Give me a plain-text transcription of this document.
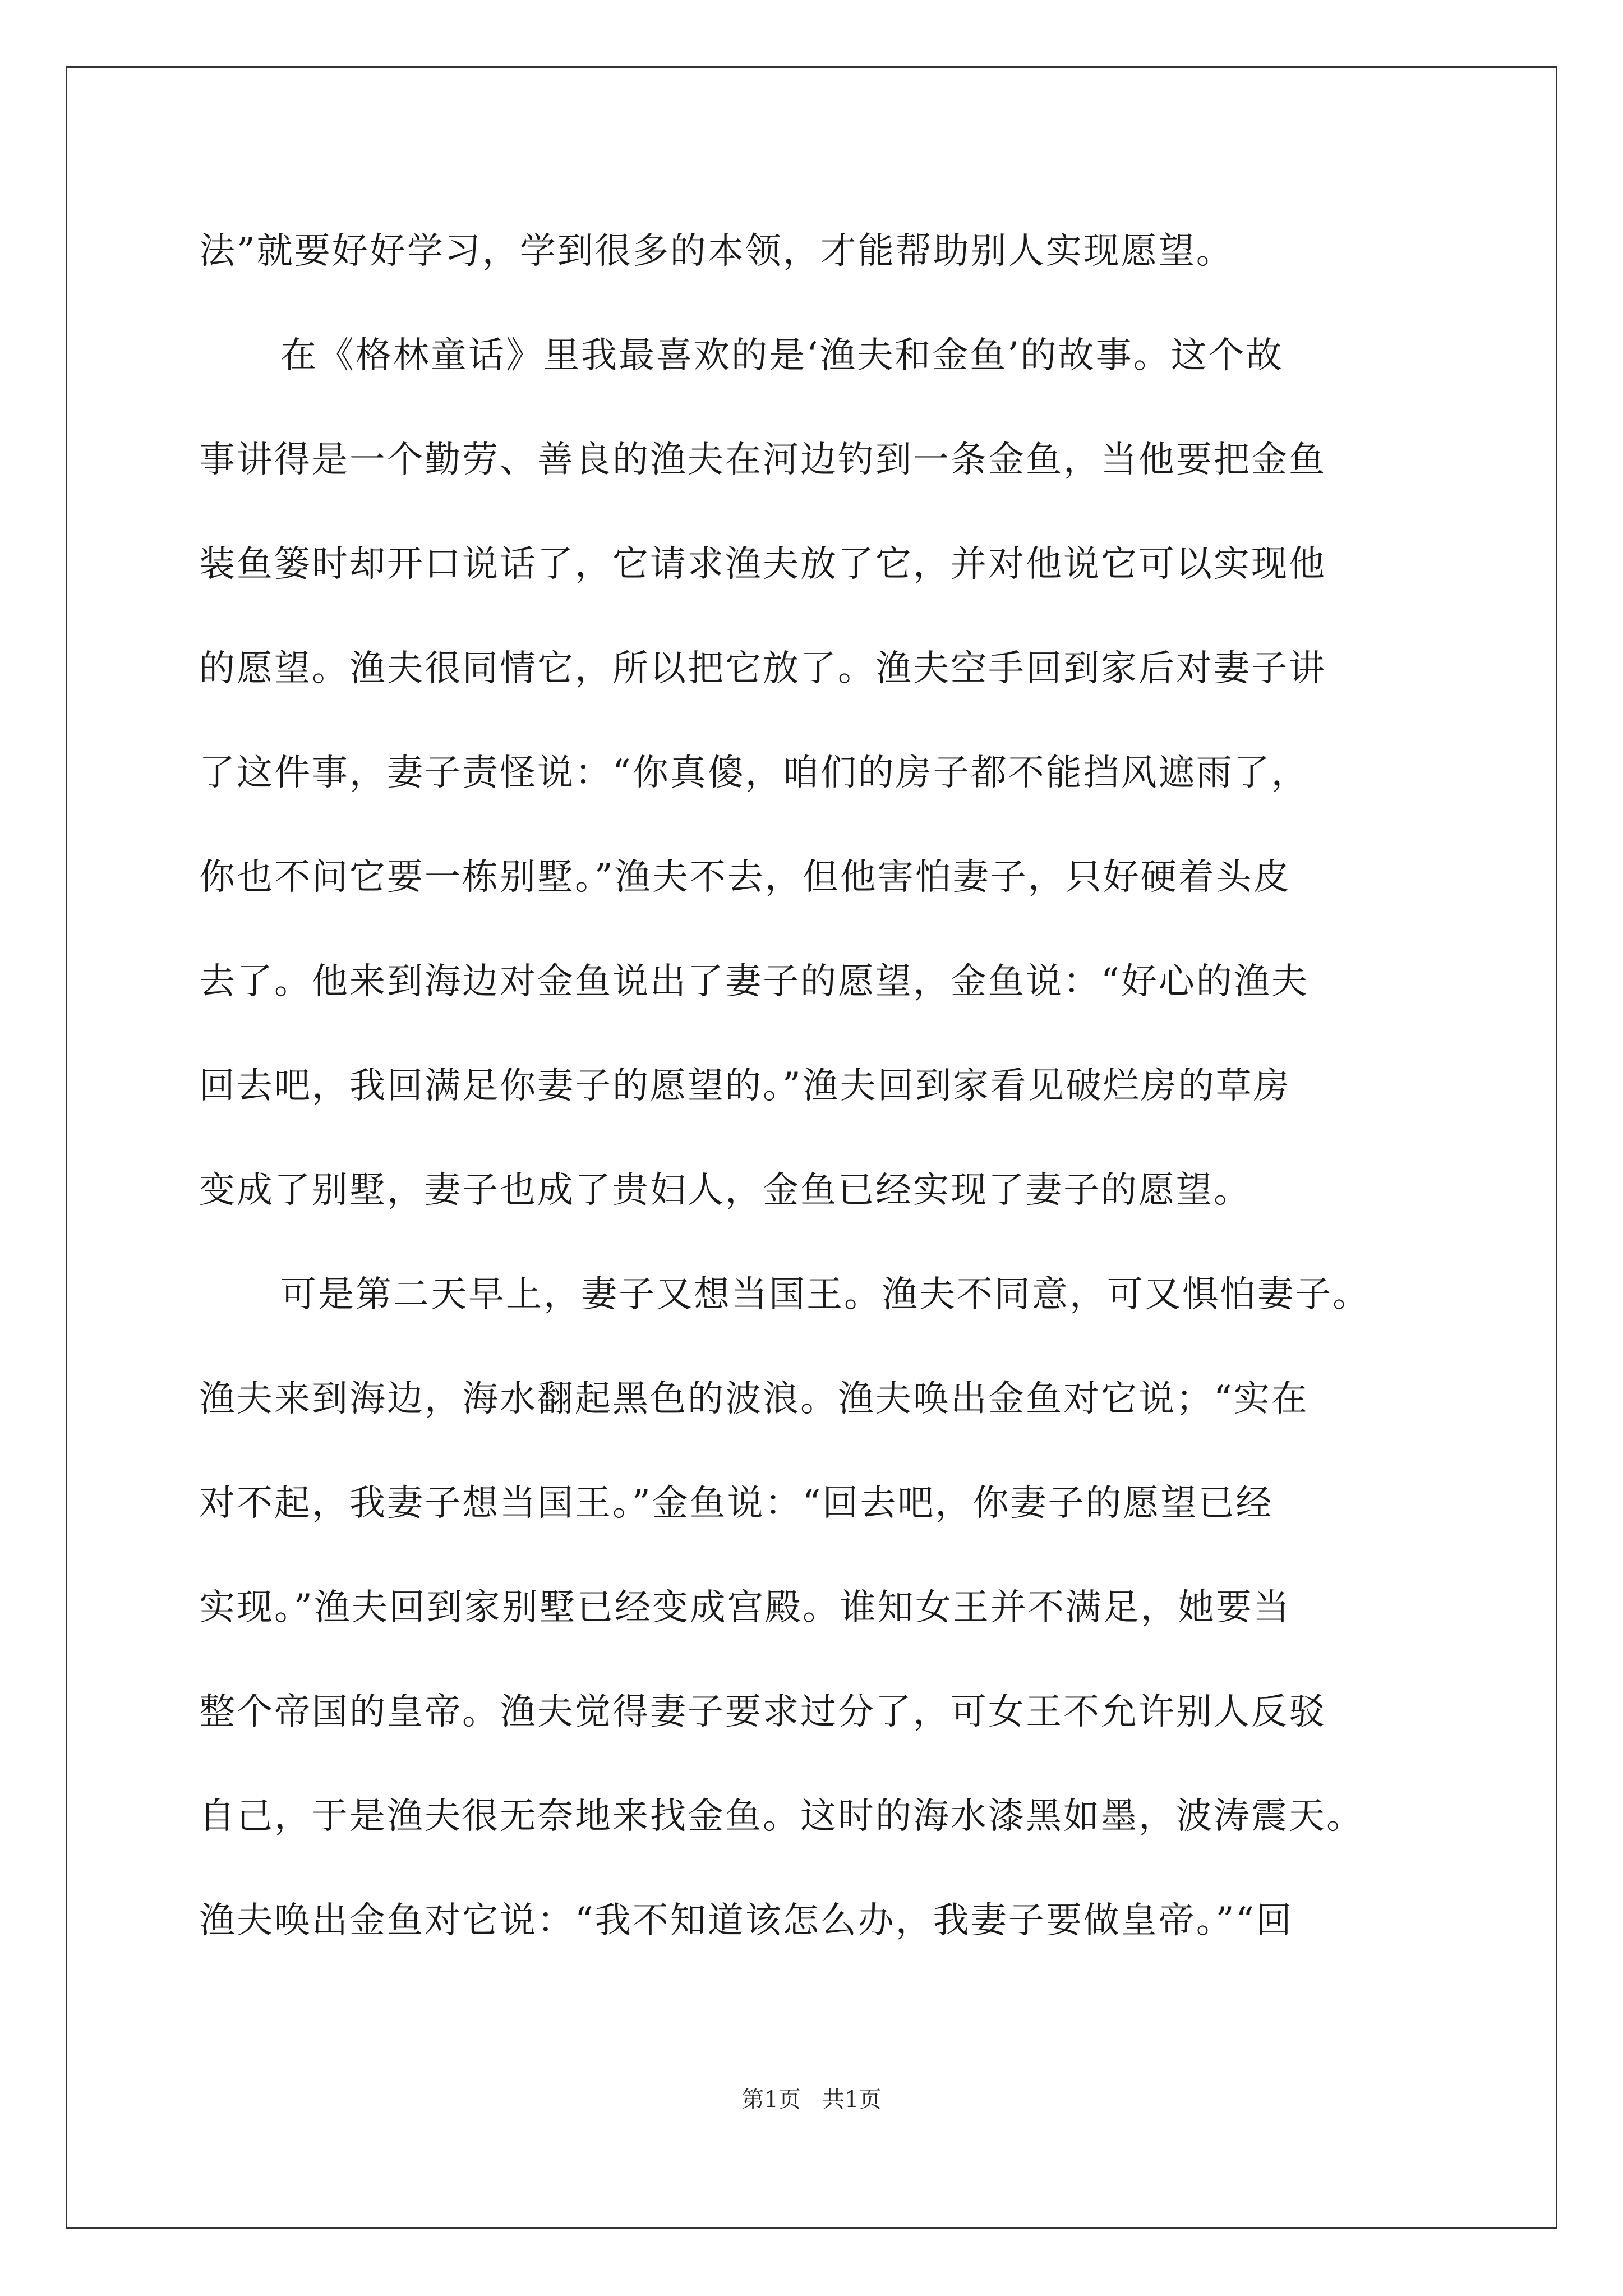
法”就要好好学习，学到很多的本领，才能帮助别人实现愿望。
在《格林童话》里我最喜欢的是‘渔夫和金鱼’的故事。这个故
事讲得是一个勤劳、善良的渔夫在河边钓到一条金鱼，当他要把金鱼
装鱼篓时却开口说话了，它请求渔夫放了它，并对他说它可以实现他
的愿望。渔夫很同情它，所以把它放了。渔夫空手回到家后对妻子讲
了这件事，妻子责怪说：“你真傻，咱们的房子都不能挡风遮雨了，
你也不问它要一栋别墅。”渔夫不去，但他害怕妻子，只好硬着头皮
去了。他来到海边对金鱼说出了妻子的愿望，金鱼说：“好心的渔夫
回去吧，我回满足你妻子的愿望的。”渔夫回到家看见破烂房的草房
变成了别墅，妻子也成了贵妇人，金鱼已经实现了妻子的愿望。
可是第二天早上，妻子又想当国王。渔夫不同意，可又惧怕妻子。
渔夫来到海边，海水翻起黑色的波浪。渔夫唤出金鱼对它说；“实在
对不起，我妻子想当国王。”金鱼说：“回去吧，你妻子的愿望已经
实现。”渔夫回到家别墅已经变成宫殿。谁知女王并不满足，她要当
整个帝国的皇帝。渔夫觉得妻子要求过分了，可女王不允许别人反驳
自己，于是渔夫很无奈地来找金鱼。这时的海水漆黑如墨，波涛震天。
渔夫唤出金鱼对它说：“我不知道该怎么办，我妻子要做皇帝。”“回
第1页   共1页
